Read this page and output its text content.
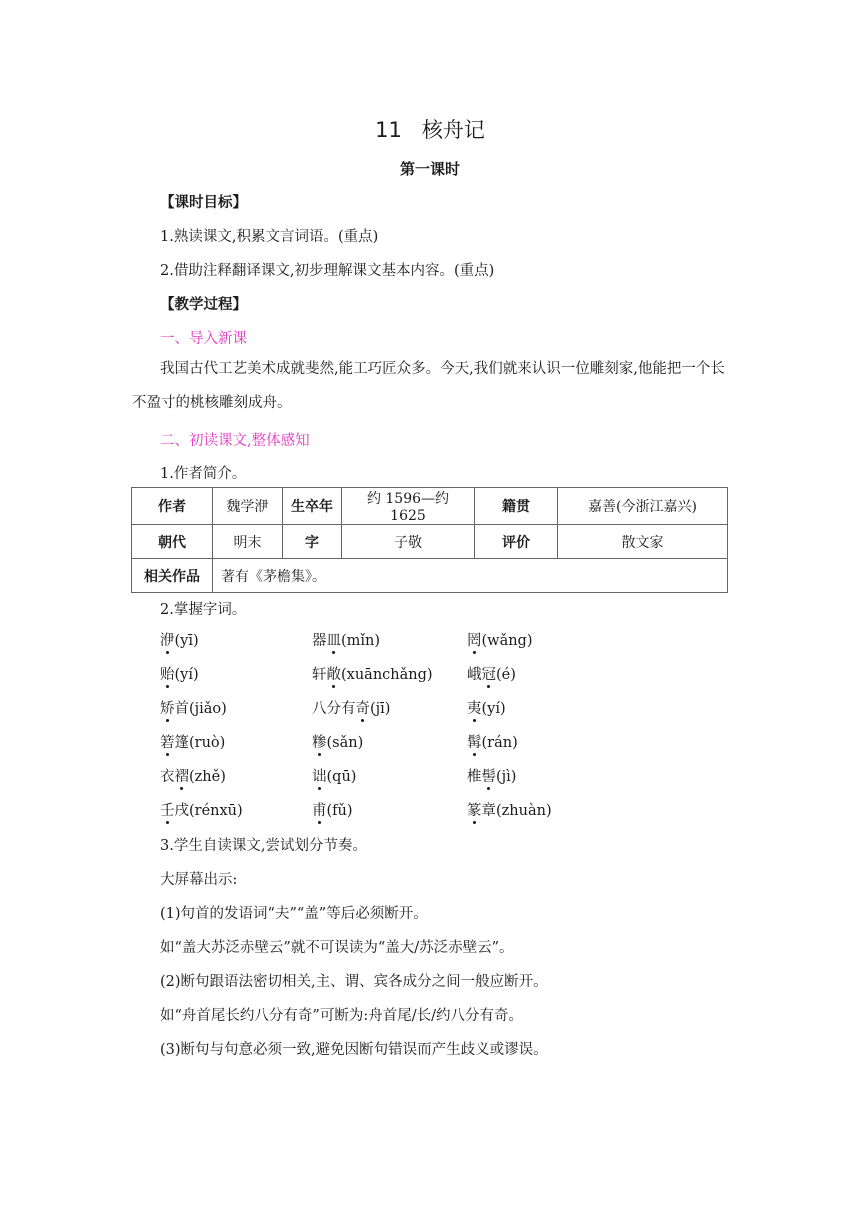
11 核舟记
第一课时
【课时目标】
1.熟读课文,积累文言词语。(重点)
2.借助注释翻译课文,初步理解课文基本内容。(重点)
【教学过程】
一、导入新课
我国古代工艺美术成就斐然,能工巧匠众多。今天,我们就来认识一位雕刻家,他能把一个长不盈寸的桃核雕刻成舟。
二、初读课文,整体感知
1.作者简介。
作者	魏学洢	生卒年	约 1596—约 1625	籍贯	嘉善(今浙江嘉兴)
朝代	明末	字	子敬	评价	散文家
相关作品	著有《茅檐集》。				
2.掌握字词。
洢(yī)	器皿(mǐn)	罔(wǎng)
贻(yí)	轩敞(xuānchǎng)	峨冠(é)
矫首(jiǎo)	八分有奇(jī)	夷(yí)
箬篷(ruò)	糁(sǎn)	髯(rán)
衣褶(zhě)	诎(qū)	椎髻(jì)
壬戌(rénxū)	甫(fǔ)	篆章(zhuàn)
3.学生自读课文,尝试划分节奏。
大屏幕出示:
(1)句首的发语词“夫”“盖”等后必须断开。
如“盖大苏泛赤壁云”就不可误读为“盖大/苏泛赤壁云”。
(2)断句跟语法密切相关,主、谓、宾各成分之间一般应断开。
如“舟首尾长约八分有奇”可断为:舟首尾/长/约八分有奇。
(3)断句与句意必须一致,避免因断句错误而产生歧义或谬误。
